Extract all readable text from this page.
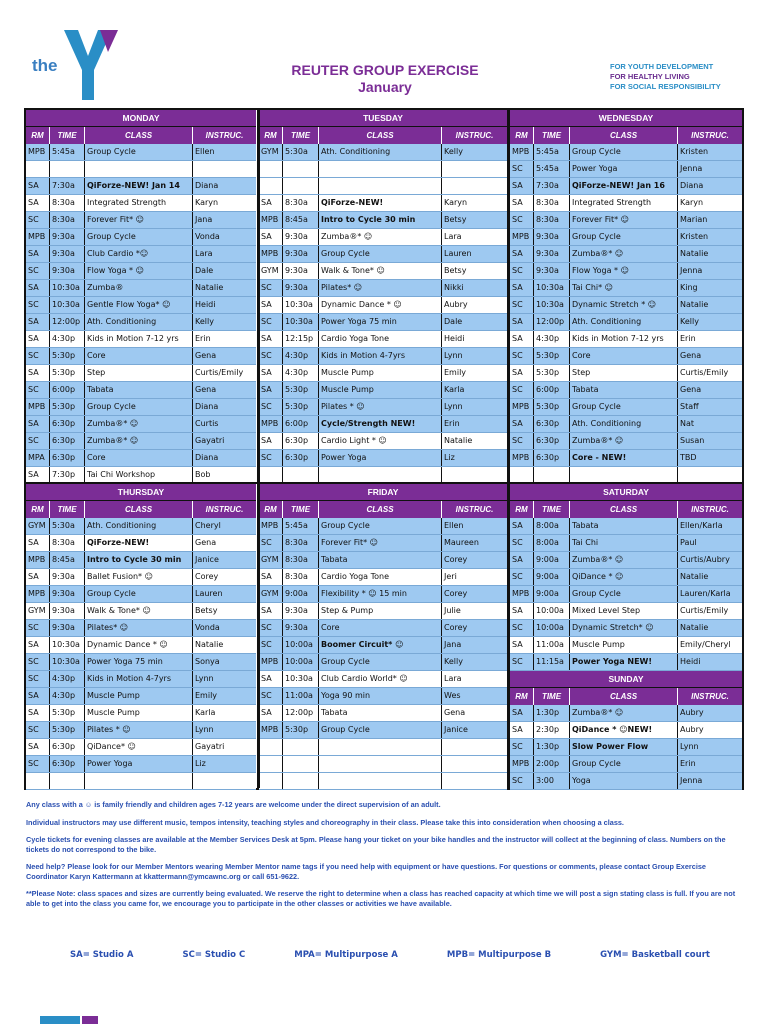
the	REUTER GROUP EXERCISE
January
FOR YOUTH DEVELOPMENT
FOR HEALTHY LIVING
FOR SOCIAL RESPONSIBILITY
MONDAY
RM	TIME	CLASS	INSTRUC.
MPB 5:45a	Group Cycle	Ellen
SA	7:30a	QiForze-NEW! Jan 14	Diana
SA	8:30a	Integrated Strength	Karyn
SC	8:30a	Forever Fit* ☺	Jana
MPB 9:30a	Group Cycle	Vonda
SA	9:30a	Club Cardio *☺	Lara
SC	9:30a	Flow Yoga * ☺	Dale
SA	10:30a Zumba®	Natalie
SC	10:30a Gentle Flow Yoga* ☺	Heidi
SA	12:00p Ath. Conditioning	Kelly
SA	4:30p	Kids in Motion 7-12 yrs	Erin
SC	5:30p	Core	Gena
SA	5:30p	Step	Curtis/Emily
SC	6:00p	Tabata	Gena
MPB 5:30p	Group Cycle	Diana
SA	6:30p	Zumba®* ☺	Curtis
SC	6:30p	Zumba®* ☺	Gayatri
MPA 6:30p	Core	Diana
SA	7:30p	Tai Chi Workshop	Bob
TUESDAY
RM	TIME	CLASS	INSTRUC.
GYM 5:30a	Ath. Conditioning	Kelly
SA	8:30a	QiForze-NEW!	Karyn
MPB 8:45a	Intro to Cycle 30 min	Betsy
SA	9:30a	Zumba®* ☺	Lara
MPB 9:30a	Group Cycle	Lauren
GYM 9:30a	Walk & Tone* ☺	Betsy
SC	9:30a	Pilates* ☺	Nikki
SA	10:30a	Dynamic Dance * ☺	Aubry
SC	10:30a	Power Yoga 75 min	Dale
SA	12:15p Cardio Yoga Tone	Heidi
SC	4:30p	Kids in Motion 4-7yrs	Lynn
SA	4:30p	Muscle Pump	Emily
SA	5:30p	Muscle Pump	Karla
SC	5:30p	Pilates * ☺	Lynn
MPB 6:00p	Cycle/Strength NEW!	Erin
SA	6:30p	Cardio Light * ☺	Natalie
SC	6:30p	Power Yoga	Liz
WEDNESDAY
RM	TIME	CLASS	INSTRUC.
MPB 5:45a	Group Cycle	Kristen
SC	5:45a	Power Yoga	Jenna
SA	7:30a	QiForze-NEW! Jan 16	Diana
SA	8:30a	Integrated Strength	Karyn
SC	8:30a	Forever Fit* ☺	Marian
MPB 9:30a	Group Cycle	Kristen
SA	9:30a	Zumba®* ☺	Natalie
SC	9:30a	Flow Yoga * ☺	Jenna
SA	10:30a	Tai Chi* ☺	King
SC	10:30a	Dynamic Stretch * ☺	Natalie
SA	12:00p Ath. Conditioning	Kelly
SA	4:30p	Kids in Motion 7-12 yrs	Erin
SC	5:30p	Core	Gena
SA	5:30p	Step	Curtis/Emily
SC	6:00p	Tabata	Gena
MPB 5:30p	Group Cycle	Staff
SA	6:30p	Ath. Conditioning	Nat
SC	6:30p	Zumba®* ☺	Susan
MPB 6:30p	Core - NEW!	TBD
THURSDAY
RM	TIME	CLASS	INSTRUC.
GYM 5:30a	Ath. Conditioning	Cheryl
SA	8:30a	QiForze-NEW!	Gena
MPB 8:45a	Intro to Cycle 30 min	Janice
SA	9:30a	Ballet Fusion* ☺	Corey
MPB 9:30a	Group Cycle	Lauren
GYM 9:30a	Walk & Tone* ☺	Betsy
SC	9:30a	Pilates* ☺	Vonda
SA	10:30a Dynamic Dance * ☺	Natalie
SC	10:30a Power Yoga 75 min	Sonya
SC	4:30p	Kids in Motion 4-7yrs	Lynn
SA	4:30p	Muscle Pump	Emily
SA	5:30p	Muscle Pump	Karla
SC	5:30p	Pilates * ☺	Lynn
SA	6:30p	QiDance* ☺	Gayatri
SC	6:30p	Power Yoga	Liz
FRIDAY
RM	TIME	CLASS	INSTRUC.
MPB 5:45a	Group Cycle	Ellen
SC	8:30a	Forever Fit* ☺	Maureen
GYM 8:30a	Tabata	Corey
SA	8:30a	Cardio Yoga Tone	Jeri
GYM 9:00a	Flexibility * ☺ 15 min	Corey
SA	9:30a	Step & Pump	Julie
SC	9:30a	Core	Corey
SC	10:00a	Boomer Circuit* ☺	Jana
MPB 10:00a	Group Cycle	Kelly
SA	10:30a	Club Cardio World* ☺	Lara
SC	11:00a	Yoga 90 min	Wes
SA	12:00p Tabata	Gena
MPB 5:30p	Group Cycle	Janice
SATURDAY
RM	TIME	CLASS	INSTRUC.
SA	8:00a	Tabata	Ellen/Karla
SC	8:00a	Tai Chi	Paul
SA	9:00a	Zumba®* ☺	Curtis/Aubry
SC	9:00a	QiDance * ☺	Natalie
MPB 9:00a	Group Cycle	Lauren/Karla
SA	10:00a	Mixed Level Step	Curtis/Emily
SC	10:00a	Dynamic Stretch* ☺	Natalie
SA	11:00a	Muscle Pump	Emily/Cheryl
SC	11:15a	Power Yoga NEW!	Heidi
SUNDAY
RM	TIME	CLASS	INSTRUC.
SA	1:30p	Zumba®* ☺	Aubry
SA	2:30p	QiDance * ☺NEW!	Aubry
SC	1:30p	Slow Power Flow	Lynn
MPB 2:00p	Group Cycle	Erin
SC	3:00	Yoga	Jenna

Any class with a ☺ is family friendly and children ages 7-12 years are welcome under the direct supervision of an adult.

Individual instructors may use different music, tempos intensity, teaching styles and choreography in their class. Please take this into consideration when choosing a class.

Cycle tickets for evening classes are available at the Member Services Desk at 5pm. Please hang your ticket on your bike handles and the instructor will collect at the beginning of class. Numbers on the tickets do not correspond to the bike.

Need help? Please look for our Member Mentors wearing Member Mentor name tags if you need help with equipment or have questions. For questions or comments, please contact Group Exercise Coordinator Karyn Kattermann at kkattermann@ymcawnc.org or call 651-9622.

**Please Note: class spaces and sizes are currently being evaluated. We reserve the right to determine when a class has reached capacity at which time we will post a sign stating class is full. If you are not able to get into the class you came for, we encourage you to participate in the other classes or activities we have available.

SA= Studio A	SC= Studio C	MPA= Multipurpose A	MPB= Multipurpose B	GYM= Basketball court
